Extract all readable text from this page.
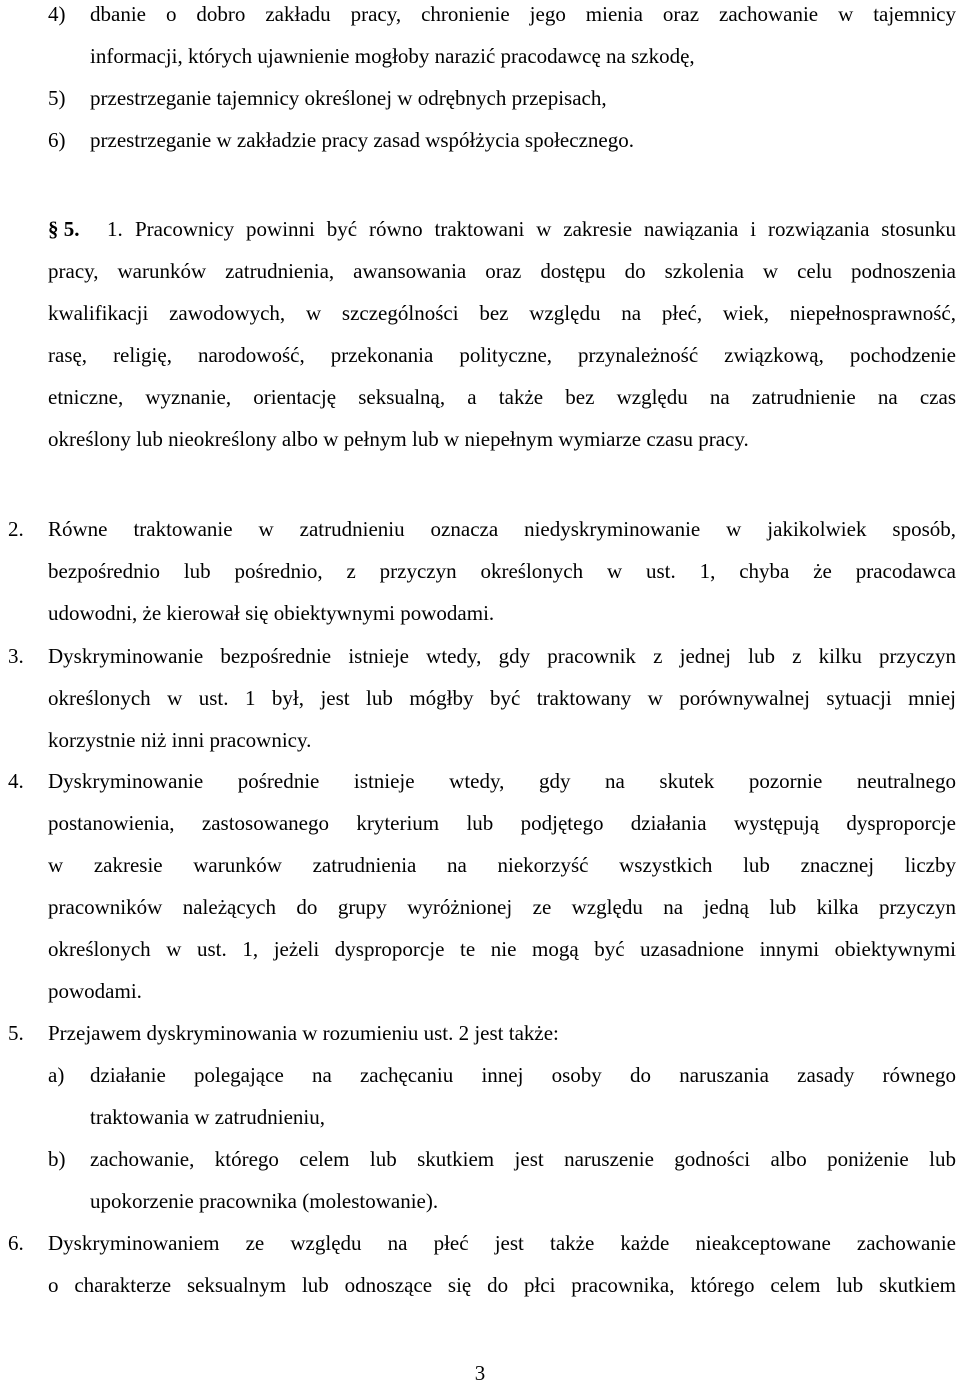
4) dbanie o dobro zakładu pracy, chronienie jego mienia oraz zachowanie w tajemnicy
informacji, których ujawnienie mogłoby narazić pracodawcę na szkodę,
5) przestrzeganie tajemnicy określonej w odrębnych przepisach,
6) przestrzeganie w zakładzie pracy zasad współżycia społecznego.
§ 5. 1. Pracownicy powinni być równo traktowani w zakresie nawiązania i rozwiązania stosunku
pracy, warunków zatrudnienia, awansowania oraz dostępu do szkolenia w celu podnoszenia
kwalifikacji zawodowych, w szczególności bez względu na płeć, wiek, niepełnosprawność,
rasę, religię, narodowość, przekonania polityczne, przynależność związkową, pochodzenie
etniczne, wyznanie, orientację seksualną, a także bez względu na zatrudnienie na czas
określony lub nieokreślony albo w pełnym lub w niepełnym wymiarze czasu pracy.
2. Równe traktowanie w zatrudnieniu oznacza niedyskryminowanie w jakikolwiek sposób,
bezpośrednio lub pośrednio, z przyczyn określonych w ust. 1, chyba że pracodawca
udowodni, że kierował się obiektywnymi powodami.
3. Dyskryminowanie bezpośrednie istnieje wtedy, gdy pracownik z jednej lub z kilku przyczyn
określonych w ust. 1 był, jest lub mógłby być traktowany w porównywalnej sytuacji mniej
korzystnie niż inni pracownicy.
4. Dyskryminowanie pośrednie istnieje wtedy, gdy na skutek pozornie neutralnego
postanowienia, zastosowanego kryterium lub podjętego działania występują dysproporcje
w zakresie warunków zatrudnienia na niekorzyść wszystkich lub znacznej liczby
pracowników należących do grupy wyróżnionej ze względu na jedną lub kilka przyczyn
określonych w ust. 1, jeżeli dysproporcje te nie mogą być uzasadnione innymi obiektywnymi
powodami.
5. Przejawem dyskryminowania w rozumieniu ust. 2 jest także:
a) działanie polegające na zachęcaniu innej osoby do naruszania zasady równego
traktowania w zatrudnieniu,
b) zachowanie, którego celem lub skutkiem jest naruszenie godności albo poniżenie lub
upokorzenie pracownika (molestowanie).
6. Dyskryminowaniem ze względu na płeć jest także każde nieakceptowane zachowanie
o charakterze seksualnym lub odnoszące się do płci pracownika, którego celem lub skutkiem
3
